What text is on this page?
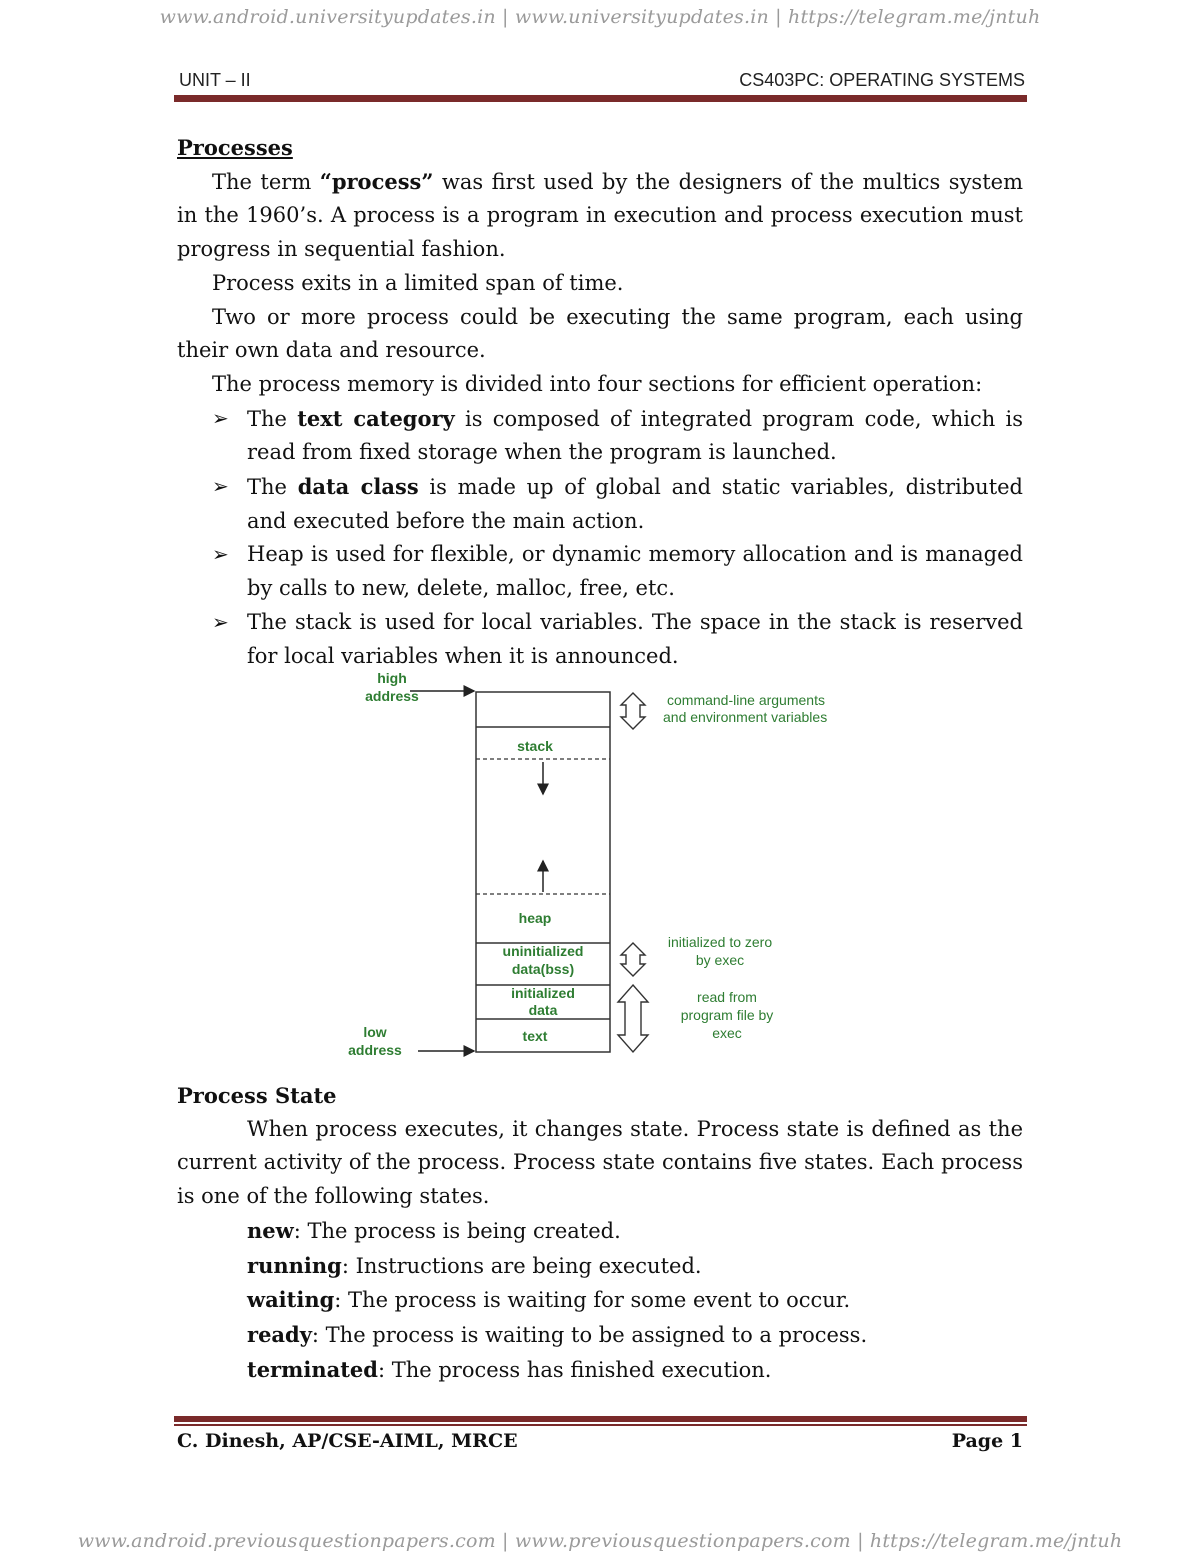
www.android.universityupdates.in | www.universityupdates.in | https://telegram.me/jntuh
UNIT – II	CS403PC: OPERATING SYSTEMS
Processes

The term “process” was first used by the designers of the multics system in the 1960’s. A process is a program in execution and process execution must progress in sequential fashion.

Process exits in a limited span of time.

Two or more process could be executing the same program, each using their own data and resource.

The process memory is divided into four sections for efficient operation:

➢ The text category is composed of integrated program code, which is read from fixed storage when the program is launched.
➢ The data class is made up of global and static variables, distributed and executed before the main action.
➢ Heap is used for flexible, or dynamic memory allocation and is managed by calls to new, delete, malloc, free, etc.
➢ The stack is used for local variables. The space in the stack is reserved for local variables when it is announced.
high
address
low
address
stack
heap
uninitialized
data(bss)
initialized
data
text
command-line arguments
and environment variables
initialized to zero
by exec
read from
program file by
exec
Process State

When process executes, it changes state. Process state is defined as the current activity of the process. Process state contains five states. Each process is one of the following states.

new: The process is being created.
running: Instructions are being executed.
waiting: The process is waiting for some event to occur.
ready: The process is waiting to be assigned to a process.
terminated: The process has finished execution.
C. Dinesh, AP/CSE-AIML, MRCE	Page 1
www.android.previousquestionpapers.com | www.previousquestionpapers.com | https://telegram.me/jntuh
